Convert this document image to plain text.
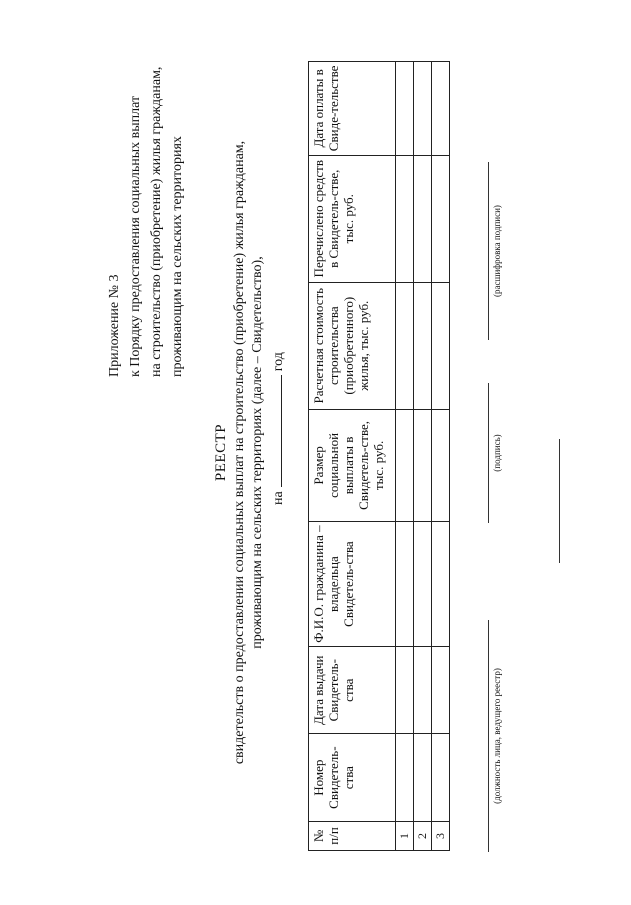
Приложение № 3 к Порядку предоставления социальных выплат на строительство (приобретение) жилья гражданам, проживающим на сельских территориях
РЕЕСТР свидетельств о предоставлении социальных выплат на строительство (приобретение) жилья гражданам, проживающим на сельских территориях (далее – Свидетельство), нагод
№ п/п	Номер Свидетель-ства	Дата выдачи Свидетель-ства	Ф.И.О. гражданина – владельца Свидетель-ства	Размер социальной выплаты в Свидетель-стве, тыс. руб.	Расчетная стоимость строительства (приобретенного) жилья, тыс. руб.	Перечислено средств в Свидетель-стве, тыс. руб.	Дата оплаты в Свиде-тельстве
1							
2							
3							
(должность лица, ведущего реестр)
(подпись)
(расшифровка подписи)
